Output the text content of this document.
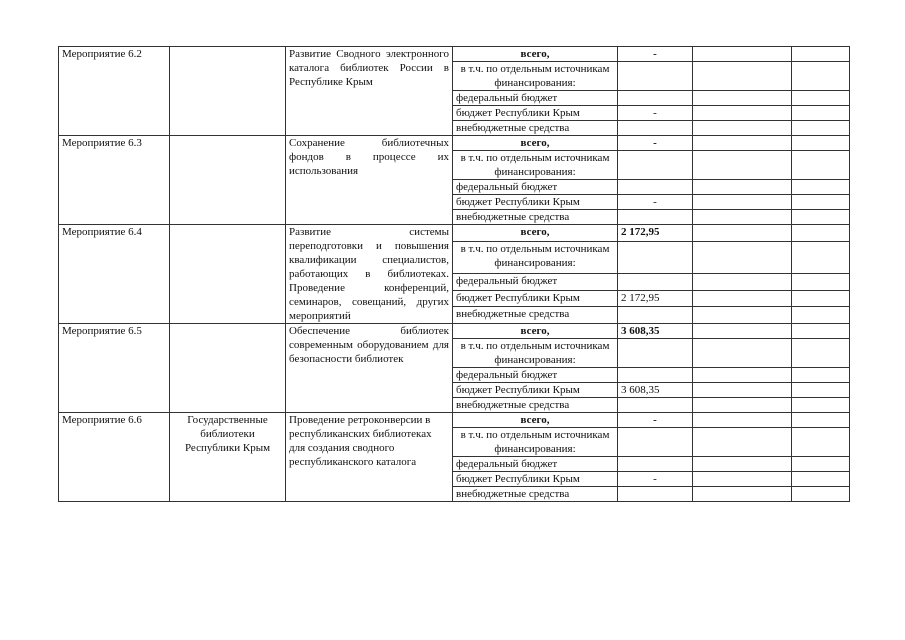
Мероприятие 6.2		Развитие Сводного электронного каталога библиотек России в Республике Крым	всего,	-		
			в т.ч. по отдельным источникам финансирования:			
			федеральный бюджет			
			бюджет Республики Крым	-		
			внебюджетные средства			
Мероприятие 6.3		Сохранение библиотечных фондов в процессе их использования	всего,	-		
			в т.ч. по отдельным источникам финансирования:			
			федеральный бюджет			
			бюджет Республики Крым	-		
			внебюджетные средства			
Мероприятие 6.4		Развитие системы переподготовки и повышения квалификации специалистов, работающих в библиотеках. Проведение конференций, семинаров, совещаний, других мероприятий	всего,	2 172,95		
			в т.ч. по отдельным источникам финансирования:			
			федеральный бюджет			
			бюджет Республики Крым	2 172,95		
			внебюджетные средства			
Мероприятие 6.5		Обеспечение библиотек современным оборудованием для безопасности библиотек	всего,	3 608,35		
			в т.ч. по отдельным источникам финансирования:			
			федеральный бюджет			
			бюджет Республики Крым	3 608,35		
			внебюджетные средства			
Мероприятие 6.6	Государственные библиотеки Республики Крым	Проведение ретроконверсии в республиканских библиотеках для создания сводного республиканского каталога	всего,	-		
			в т.ч. по отдельным источникам финансирования:			
			федеральный бюджет			
			бюджет Республики Крым	-		
			внебюджетные средства			
